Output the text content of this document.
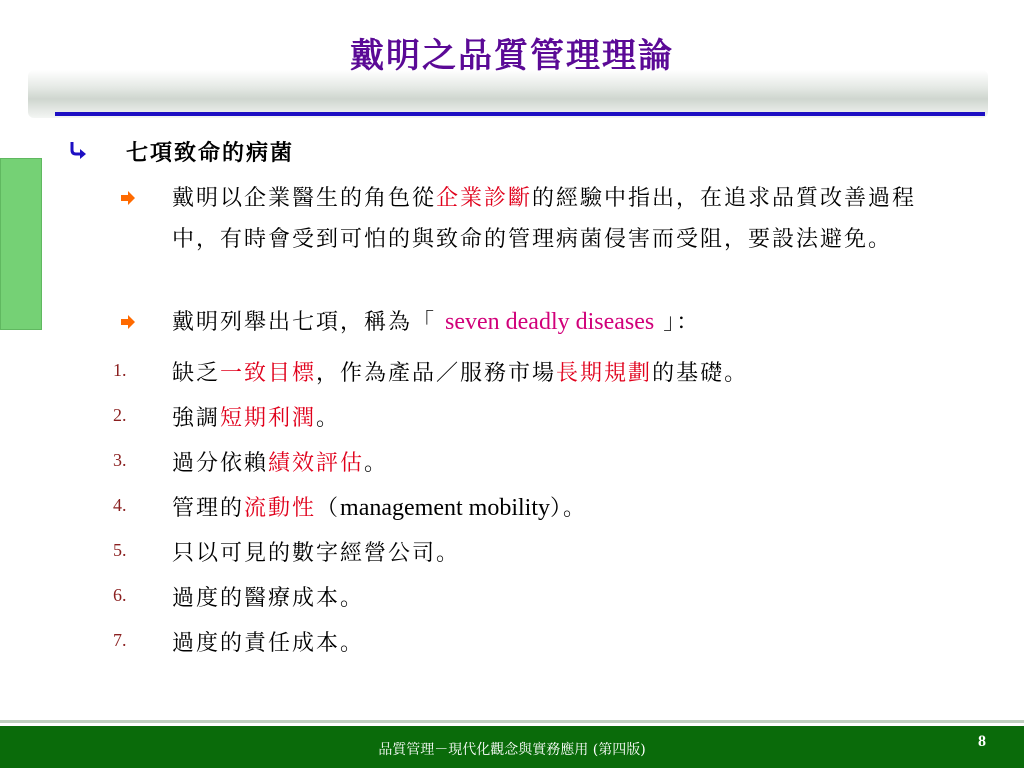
戴明之品質管理理論
七項致命的病菌
戴明以企業醫生的角色從企業診斷的經驗中指出，在追求品質改善過程中，有時會受到可怕的與致命的管理病菌侵害而受阻，要設法避免。
戴明列舉出七項，稱為「 seven deadly diseases 」：
1. 缺乏一致目標，作為產品／服務市場長期規劃的基礎。
2. 強調短期利潤。
3. 過分依賴績效評估。
4. 管理的流動性（management mobility）。
5. 只以可見的數字經營公司。
6. 過度的醫療成本。
7. 過度的責任成本。
品質管理－現代化觀念與實務應用 (第四版)	8
